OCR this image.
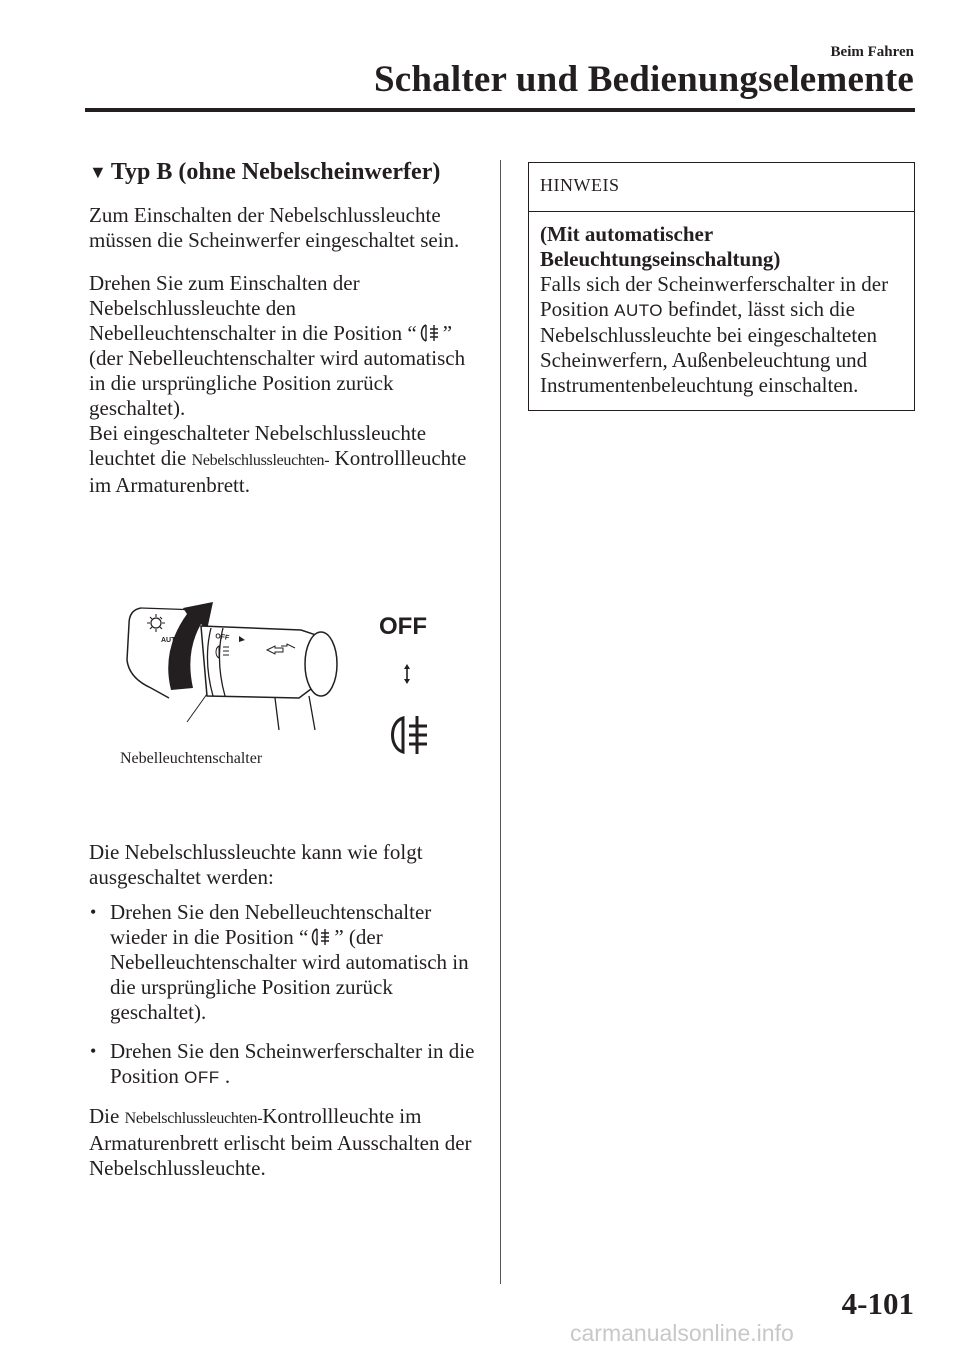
Beim Fahren
Schalter und Bedienungselemente
▼ Typ B (ohne Nebelscheinwerfer)

Zum Einschalten der Nebelschlussleuchte müssen die Scheinwerfer eingeschaltet sein.

Drehen Sie zum Einschalten der Nebelschlussleuchte den Nebelleuchtenschalter in die Position “ ” (der Nebelleuchtenschalter wird automatisch in die ursprüngliche Position zurück geschaltet).

Bei eingeschalteter Nebelschlussleuchte leuchtet die Nebelschlussleuchten- Kontrollleuchte im Armaturenbrett.

OFF
AUTO
OFF
Nebelleuchtenschalter

Die Nebelschlussleuchte kann wie folgt ausgeschaltet werden:

• Drehen Sie den Nebelleuchtenschalter wieder in die Position “ ” (der Nebelleuchtenschalter wird automatisch in die ursprüngliche Position zurück geschaltet).
• Drehen Sie den Scheinwerferschalter in die Position OFF .

Die Nebelschlussleuchten-Kontrollleuchte im Armaturenbrett erlischt beim Ausschalten der Nebelschlussleuchte.

HINWEIS
(Mit automatischer Beleuchtungseinschaltung)
Falls sich der Scheinwerferschalter in der Position AUTO befindet, lässt sich die Nebelschlussleuchte bei eingeschalteten Scheinwerfern, Außenbeleuchtung und Instrumentenbeleuchtung einschalten.
4-101
carmanualsonline.info
